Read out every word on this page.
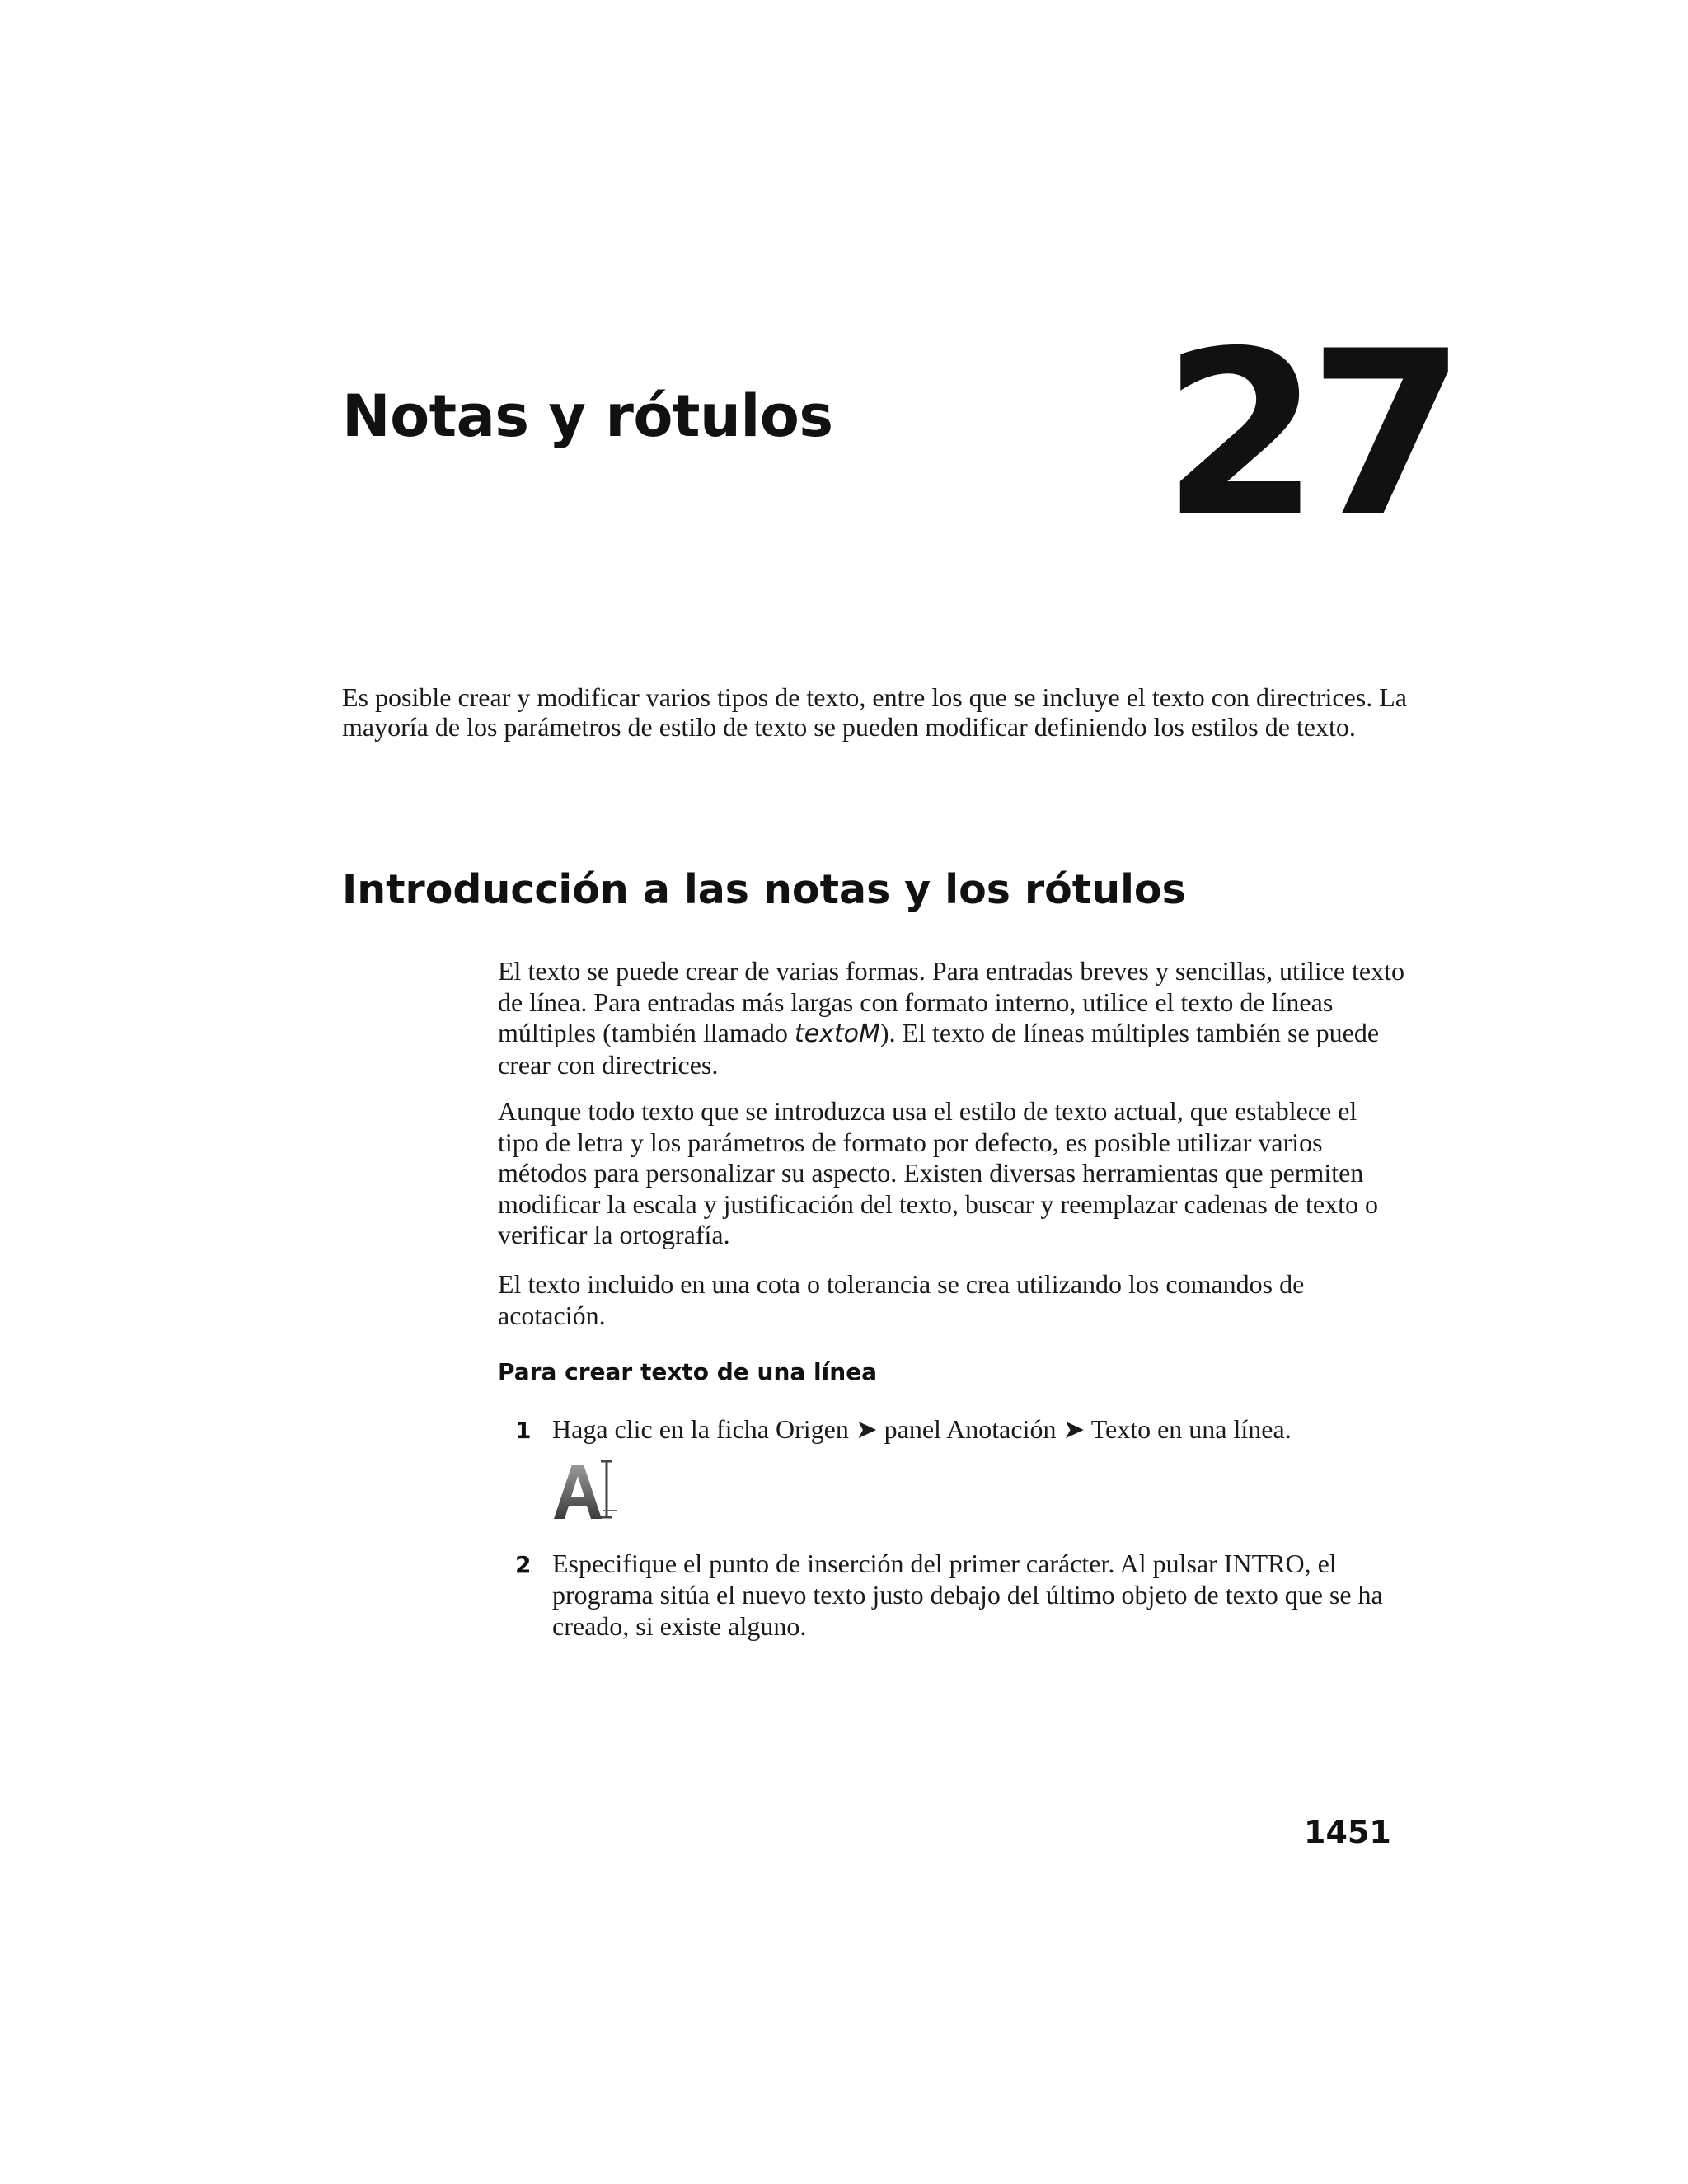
Notas y rótulos 27

Es posible crear y modificar varios tipos de texto, entre los que se incluye el texto con directrices. La mayoría de los parámetros de estilo de texto se pueden modificar definiendo los estilos de texto.

Introducción a las notas y los rótulos

El texto se puede crear de varias formas. Para entradas breves y sencillas, utilice texto de línea. Para entradas más largas con formato interno, utilice el texto de líneas múltiples (también llamado textoM). El texto de líneas múltiples también se puede crear con directrices.

Aunque todo texto que se introduzca usa el estilo de texto actual, que establece el tipo de letra y los parámetros de formato por defecto, es posible utilizar varios métodos para personalizar su aspecto. Existen diversas herramientas que permiten modificar la escala y justificación del texto, buscar y reemplazar cadenas de texto o verificar la ortografía.

El texto incluido en una cota o tolerancia se crea utilizando los comandos de acotación.

Para crear texto de una línea
1 Haga clic en la ficha Origen ➤ panel Anotación ➤ Texto en una línea.

2 Especifique el punto de inserción del primer carácter. Al pulsar INTRO, el programa sitúa el nuevo texto justo debajo del último objeto de texto que se ha creado, si existe alguno.

1451
